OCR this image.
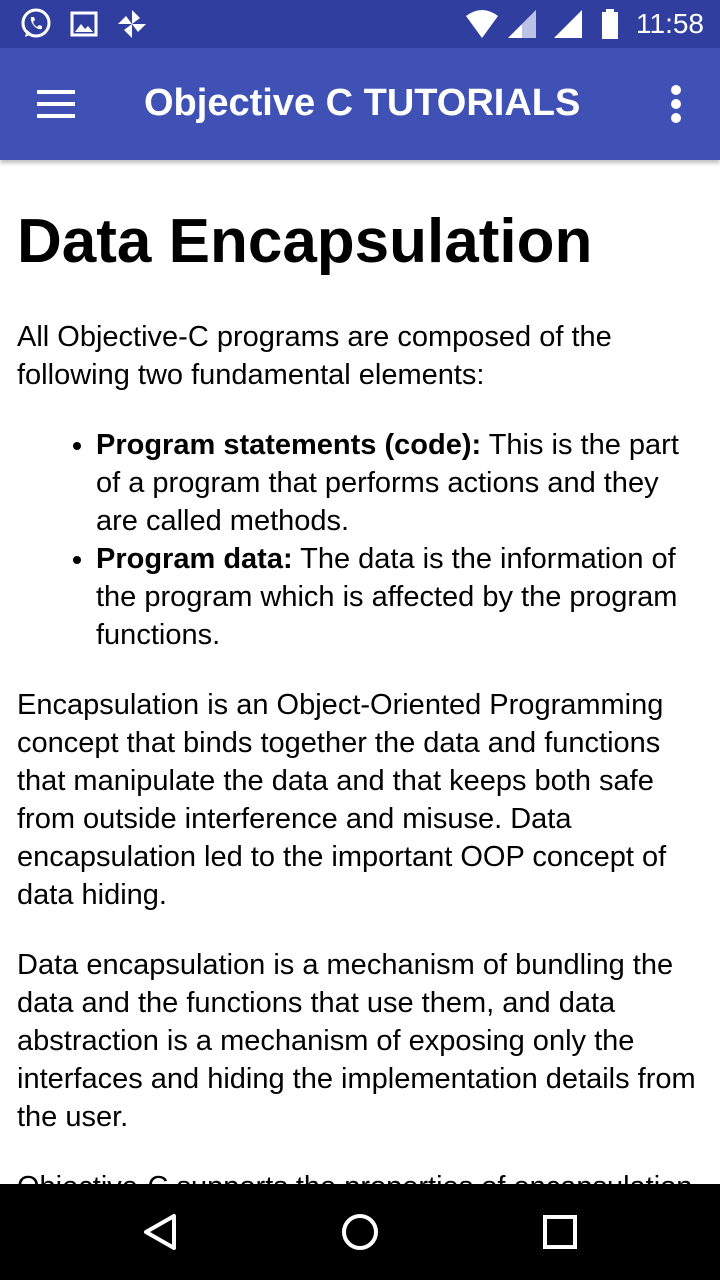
11:58
Objective C TUTORIALS
Data Encapsulation

All Objective-C programs are composed of the following two fundamental elements:

• Program statements (code): This is the part of a program that performs actions and they are called methods.
• Program data: The data is the information of the program which is affected by the program functions.

Encapsulation is an Object-Oriented Programming concept that binds together the data and functions that manipulate the data and that keeps both safe from outside interference and misuse. Data encapsulation led to the important OOP concept of data hiding.

Data encapsulation is a mechanism of bundling the data and the functions that use them, and data abstraction is a mechanism of exposing only the interfaces and hiding the implementation details from the user.
